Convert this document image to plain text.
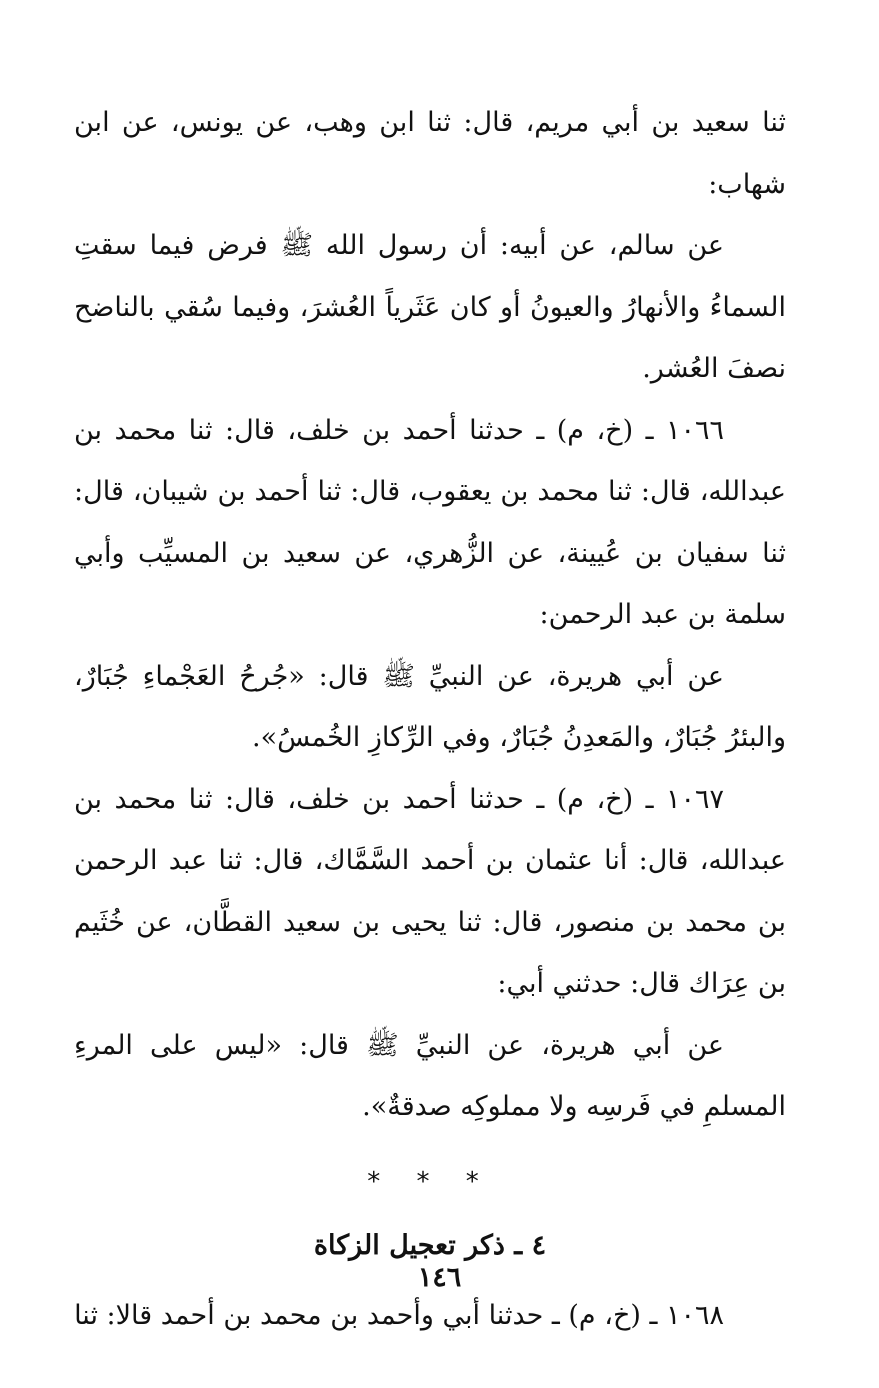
ثنا سعيد بن أبي مريم، قال: ثنا ابن وهب، عن يونس، عن ابن شهاب:

عن سالم، عن أبيه: أن رسول الله ﷺ فرض فيما سقتِ السماءُ والأنهارُ والعيونُ أو كان عَثَرياً العُشرَ، وفيما سُقي بالناضح نصفَ العُشر.

١٠٦٦ ـ (خ، م) ـ حدثنا أحمد بن خلف، قال: ثنا محمد بن عبدالله، قال: ثنا محمد بن يعقوب، قال: ثنا أحمد بن شيبان، قال: ثنا سفيان بن عُيينة، عن الزُّهري، عن سعيد بن المسيِّب وأبي سلمة بن عبد الرحمن:

عن أبي هريرة، عن النبيِّ ﷺ قال: «جُرحُ العَجْماءِ جُبَارٌ، والبئرُ جُبَارٌ، والمَعدِنُ جُبَارٌ، وفي الرِّكازِ الخُمسُ».

١٠٦٧ ـ (خ، م) ـ حدثنا أحمد بن خلف، قال: ثنا محمد بن عبدالله، قال: أنا عثمان بن أحمد السَّمَّاك، قال: ثنا عبد الرحمن بن محمد بن منصور، قال: ثنا يحيى بن سعيد القطَّان، عن خُثَيم بن عِرَاك قال: حدثني أبي:

عن أبي هريرة، عن النبيِّ ﷺ قال: «ليس على المرءِ المسلمِ في فَرسِه ولا مملوكِه صدقةٌ».

* * *

٤ ـ ذكر تعجيل الزكاة

١٠٦٨ ـ (خ، م) ـ حدثنا أبي وأحمد بن محمد بن أحمد قالا: ثنا

١٤٦
